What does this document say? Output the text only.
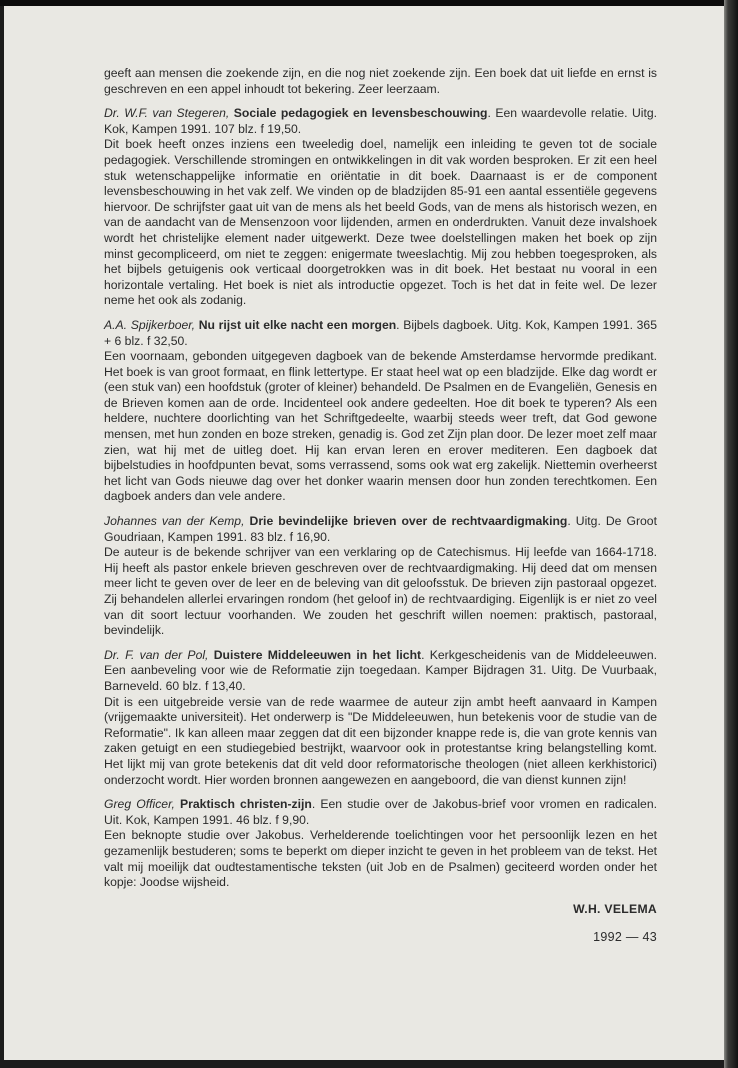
geeft aan mensen die zoekende zijn, en die nog niet zoekende zijn. Een boek dat uit liefde en ernst is geschreven en een appel inhoudt tot bekering. Zeer leerzaam.

Dr. W.F. van Stegeren, Sociale pedagogiek en levensbeschouwing. Een waardevolle relatie. Uitg. Kok, Kampen 1991. 107 blz. f 19,50.

Dit boek heeft onzes inziens een tweeledig doel, namelijk een inleiding te geven tot de sociale pedagogiek. Verschillende stromingen en ontwikkelingen in dit vak worden besproken. Er zit een heel stuk wetenschappelijke informatie en oriëntatie in dit boek. Daarnaast is er de component levensbeschouwing in het vak zelf. We vinden op de bladzijden 85-91 een aantal essentiële gegevens hiervoor. De schrijfster gaat uit van de mens als het beeld Gods, van de mens als historisch wezen, en van de aandacht van de Mensenzoon voor lijdenden, armen en onderdrukten. Vanuit deze invalshoek wordt het christelijke element nader uitgewerkt. Deze twee doelstellingen maken het boek op zijn minst gecompliceerd, om niet te zeggen: enigermate tweeslachtig. Mij zou hebben toegesproken, als het bijbels getuigenis ook verticaal doorgetrokken was in dit boek. Het bestaat nu vooral in een horizontale vertaling. Het boek is niet als introductie opgezet. Toch is het dat in feite wel. De lezer neme het ook als zodanig.

A.A. Spijkerboer, Nu rijst uit elke nacht een morgen. Bijbels dagboek. Uitg. Kok, Kampen 1991. 365 + 6 blz. f 32,50.

Een voornaam, gebonden uitgegeven dagboek van de bekende Amsterdamse hervormde predikant. Het boek is van groot formaat, en flink lettertype. Er staat heel wat op een bladzijde. Elke dag wordt er (een stuk van) een hoofdstuk (groter of kleiner) behandeld. De Psalmen en de Evangeliën, Genesis en de Brieven komen aan de orde. Incidenteel ook andere gedeelten. Hoe dit boek te typeren? Als een heldere, nuchtere doorlichting van het Schriftgedeelte, waarbij steeds weer treft, dat God gewone mensen, met hun zonden en boze streken, genadig is. God zet Zijn plan door. De lezer moet zelf maar zien, wat hij met de uitleg doet. Hij kan ervan leren en erover mediteren. Een dagboek dat bijbelstudies in hoofdpunten bevat, soms verrassend, soms ook wat erg zakelijk. Niettemin overheerst het licht van Gods nieuwe dag over het donker waarin mensen door hun zonden terechtkomen. Een dagboek anders dan vele andere.

Johannes van der Kemp, Drie bevindelijke brieven over de rechtvaardigmaking. Uitg. De Groot Goudriaan, Kampen 1991. 83 blz. f 16,90.

De auteur is de bekende schrijver van een verklaring op de Catechismus. Hij leefde van 1664-1718. Hij heeft als pastor enkele brieven geschreven over de rechtvaardigmaking. Hij deed dat om mensen meer licht te geven over de leer en de beleving van dit geloofsstuk. De brieven zijn pastoraal opgezet. Zij behandelen allerlei ervaringen rondom (het geloof in) de rechtvaardiging. Eigenlijk is er niet zo veel van dit soort lectuur voorhanden. We zouden het geschrift willen noemen: praktisch, pastoraal, bevindelijk.

Dr. F. van der Pol, Duistere Middeleeuwen in het licht. Kerkgescheidenis van de Middeleeuwen. Een aanbeveling voor wie de Reformatie zijn toegedaan. Kamper Bijdragen 31. Uitg. De Vuurbaak, Barneveld. 60 blz. f 13,40.

Dit is een uitgebreide versie van de rede waarmee de auteur zijn ambt heeft aanvaard in Kampen (vrijgemaakte universiteit). Het onderwerp is "De Middeleeuwen, hun betekenis voor de studie van de Reformatie". Ik kan alleen maar zeggen dat dit een bijzonder knappe rede is, die van grote kennis van zaken getuigt en een studiegebied bestrijkt, waarvoor ook in protestantse kring belangstelling komt. Het lijkt mij van grote betekenis dat dit veld door reformatorische theologen (niet alleen kerkhistorici) onderzocht wordt. Hier worden bronnen aangewezen en aangeboord, die van dienst kunnen zijn!

Greg Officer, Praktisch christen-zijn. Een studie over de Jakobus-brief voor vromen en radicalen. Uit. Kok, Kampen 1991. 46 blz. f 9,90.

Een beknopte studie over Jakobus. Verhelderende toelichtingen voor het persoonlijk lezen en het gezamenlijk bestuderen; soms te beperkt om dieper inzicht te geven in het probleem van de tekst. Het valt mij moeilijk dat oudtestamentische teksten (uit Job en de Psalmen) geciteerd worden onder het kopje: Joodse wijsheid.

W.H. VELEMA
1992 — 43
